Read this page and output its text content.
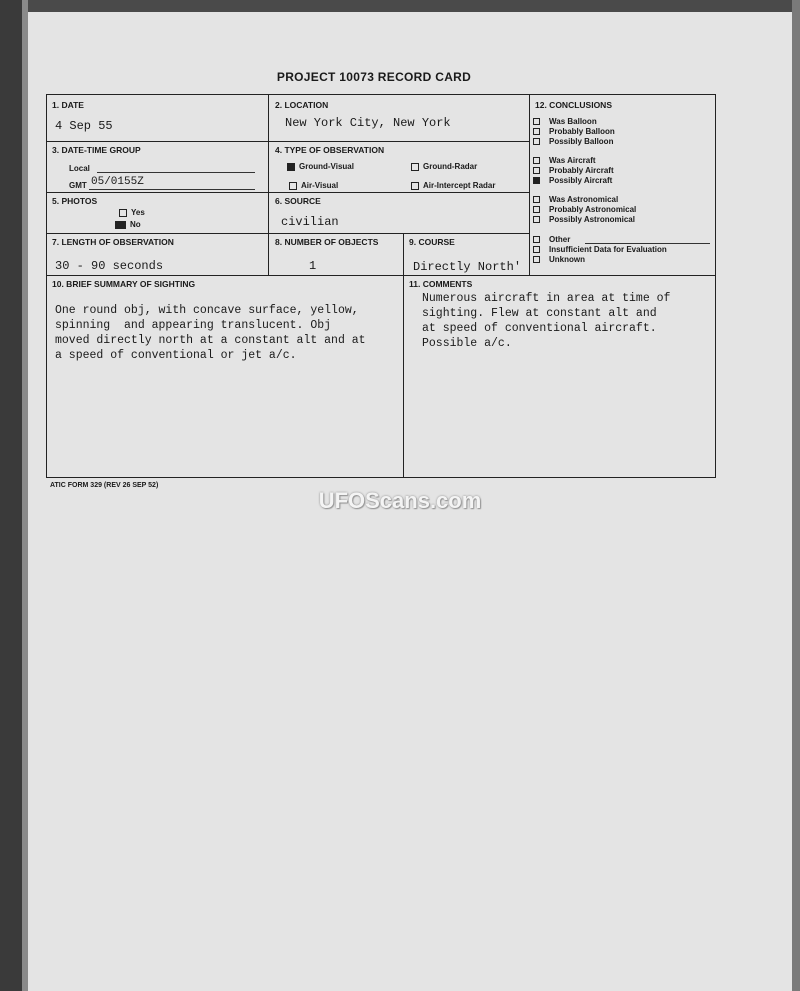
PROJECT 10073 RECORD CARD
1. DATE
4 Sep 55
2. LOCATION
New York City, New York
3. DATE-TIME GROUP
Local
GMT 05/0155Z
4. TYPE OF OBSERVATION
Ground-Visual	Ground-Radar
Air-Visual	Air-Intercept Radar
5. PHOTOS
Yes
No
6. SOURCE
civilian
7. LENGTH OF OBSERVATION
30 - 90 seconds
8. NUMBER OF OBJECTS
1
9. COURSE
Directly North'
10. BRIEF SUMMARY OF SIGHTING
One round obj, with concave surface, yellow,
spinning  and appearing translucent. Obj
moved directly north at a constant alt and at
a speed of conventional or jet a/c.
11. COMMENTS
Numerous aircraft in area at time of
sighting. Flew at constant alt and
at speed of conventional aircraft.
Possible a/c.
12. CONCLUSIONS
Was Balloon
Probably Balloon
Possibly Balloon
Was Aircraft
Probably Aircraft
Possibly Aircraft
Was Astronomical
Probably Astronomical
Possibly Astronomical
Other
Insufficient Data for Evaluation
Unknown
ATIC FORM 329 (REV 26 SEP 52)
UFOScans.com
